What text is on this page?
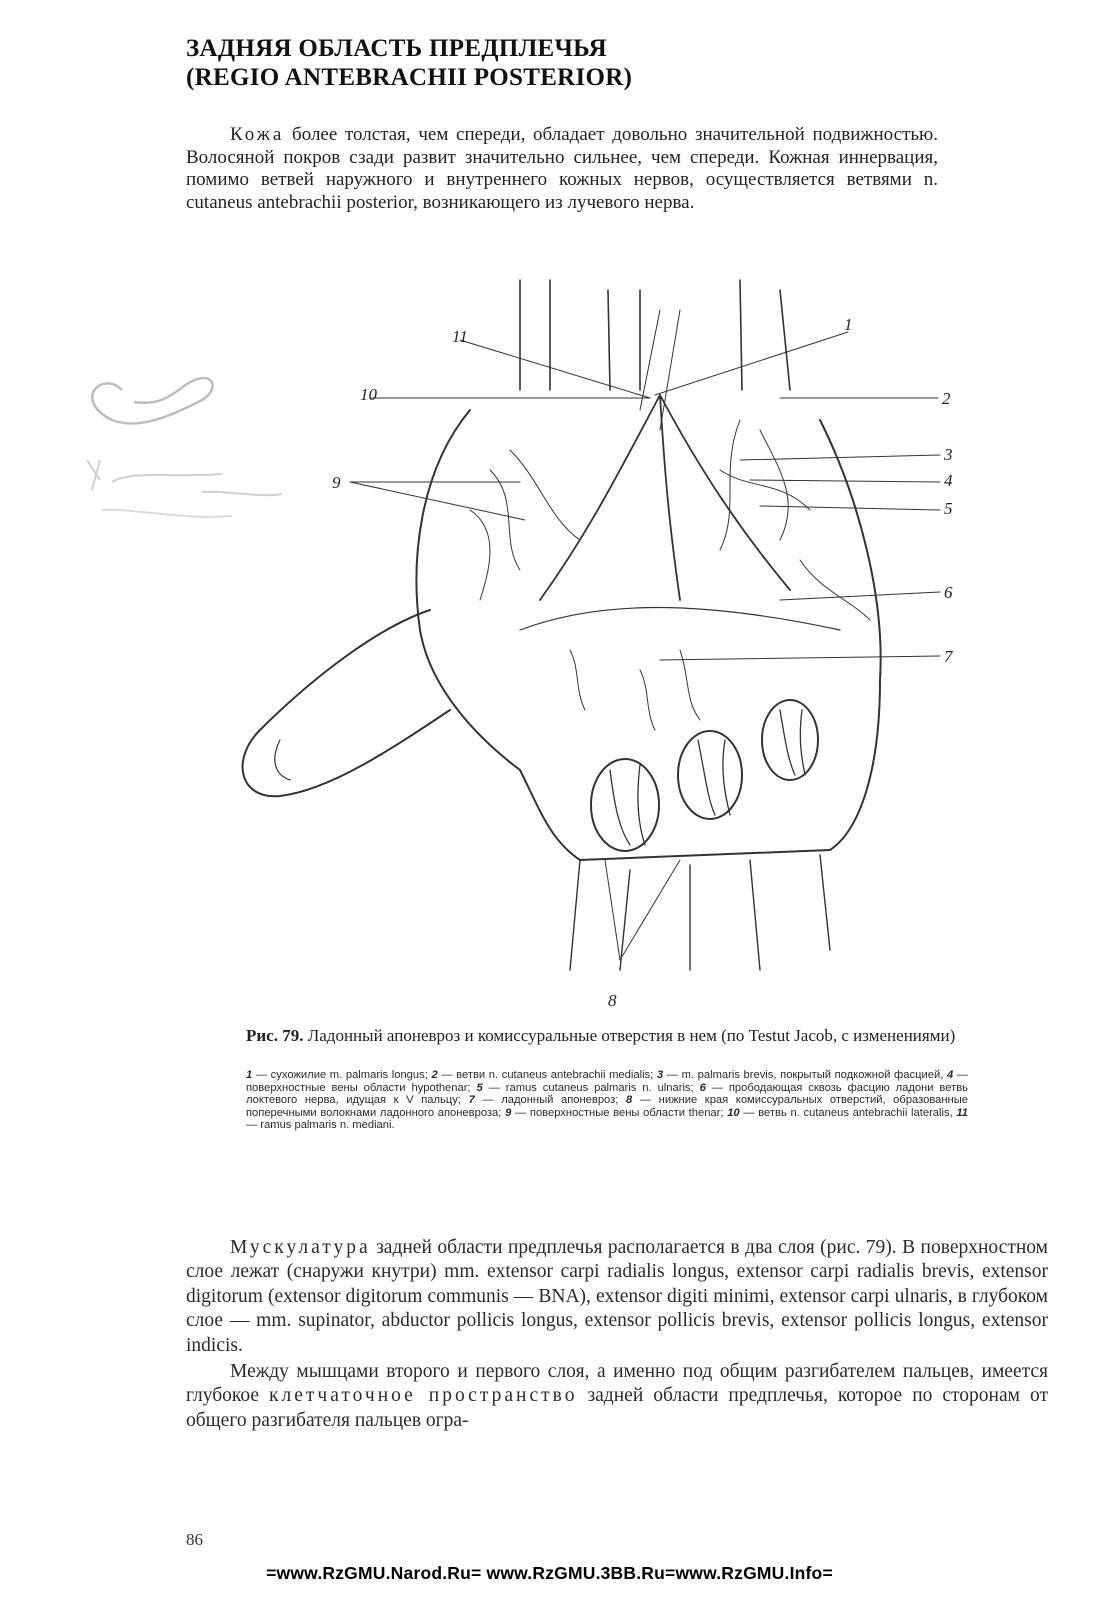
ЗАДНЯЯ ОБЛАСТЬ ПРЕДПЛЕЧЬЯ
(REGIO ANTEBRACHII POSTERIOR)

Кожа более толстая, чем спереди, обладает довольно значительной подвижностью. Волосяной покров сзади развит значительно сильнее, чем спереди. Кожная иннервация, помимо ветвей наружного и внутреннего кожных нервов, осуществляется ветвями n. cutaneus antebrachii posterior, возникающего из лучевого нерва.

1
2
3
4
5
6
7
8
9
10
11
Рис. 79. Ладонный апоневроз и комиссуральные отверстия в нем (по Testut Jacob, с изменениями)
1 — сухожилие m. palmaris longus; 2 — ветви n. cutaneus antebrachii medialis; 3 — m. palmaris brevis, покрытый подкожной фасцией, 4 — поверхностные вены области hypothenar; 5 — ramus cutaneus palmaris n. ulnaris; 6 — прободающая сквозь фасцию ладони ветвь локтевого нерва, идущая к V пальцу; 7 — ладонный апоневроз; 8 — нижние края комиссуральных отверстий, образованные поперечными волокнами ладонного апоневроза; 9 — поверхностные вены области thenar; 10 — ветвь n. cutaneus antebrachii lateralis, 11 — ramus palmaris n. mediani.

Мускулатура задней области предплечья располагается в два слоя (рис. 79). В поверхностном слое лежат (снаружи кнутри) mm. extensor carpi radialis longus, extensor carpi radialis brevis, extensor digitorum (extensor digitorum communis — BNA), extensor digiti minimi, extensor carpi ulnaris, в глубоком слое — mm. supinator, abductor pollicis longus, extensor pollicis brevis, extensor pollicis longus, extensor indicis.

Между мышцами второго и первого слоя, а именно под общим разгибателем пальцев, имеется глубокое клетчаточное пространство задней области предплечья, которое по сторонам от общего разгибателя пальцев огра-

86
=www.RzGMU.Narod.Ru= www.RzGMU.3BB.Ru=www.RzGMU.Info=
